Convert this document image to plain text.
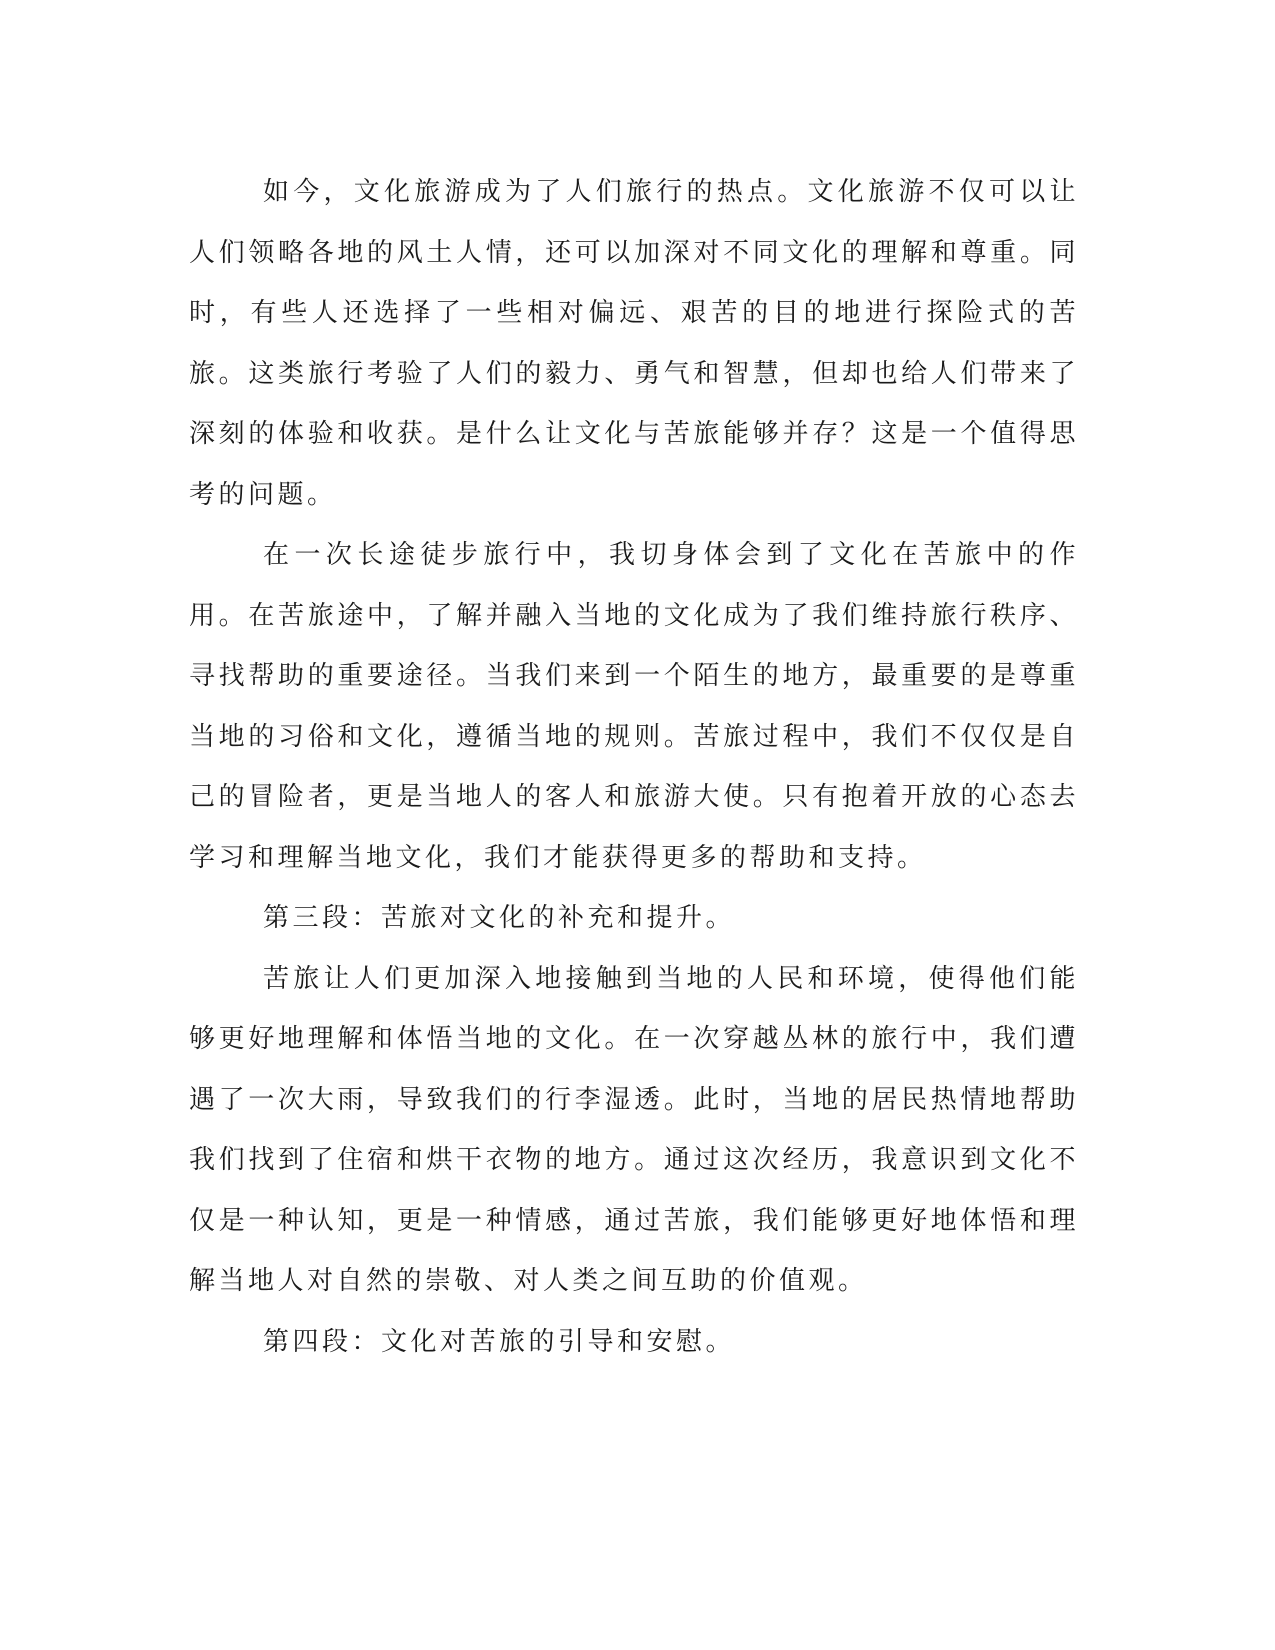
如今，文化旅游成为了人们旅行的热点。文化旅游不仅可以让人们领略各地的风土人情，还可以加深对不同文化的理解和尊重。同时，有些人还选择了一些相对偏远、艰苦的目的地进行探险式的苦旅。这类旅行考验了人们的毅力、勇气和智慧，但却也给人们带来了深刻的体验和收获。是什么让文化与苦旅能够并存？这是一个值得思考的问题。

在一次长途徒步旅行中，我切身体会到了文化在苦旅中的作用。在苦旅途中，了解并融入当地的文化成为了我们维持旅行秩序、寻找帮助的重要途径。当我们来到一个陌生的地方，最重要的是尊重当地的习俗和文化，遵循当地的规则。苦旅过程中，我们不仅仅是自己的冒险者，更是当地人的客人和旅游大使。只有抱着开放的心态去学习和理解当地文化，我们才能获得更多的帮助和支持。

第三段：苦旅对文化的补充和提升。

苦旅让人们更加深入地接触到当地的人民和环境，使得他们能够更好地理解和体悟当地的文化。在一次穿越丛林的旅行中，我们遭遇了一次大雨，导致我们的行李湿透。此时，当地的居民热情地帮助我们找到了住宿和烘干衣物的地方。通过这次经历，我意识到文化不仅是一种认知，更是一种情感，通过苦旅，我们能够更好地体悟和理解当地人对自然的崇敬、对人类之间互助的价值观。

第四段：文化对苦旅的引导和安慰。
